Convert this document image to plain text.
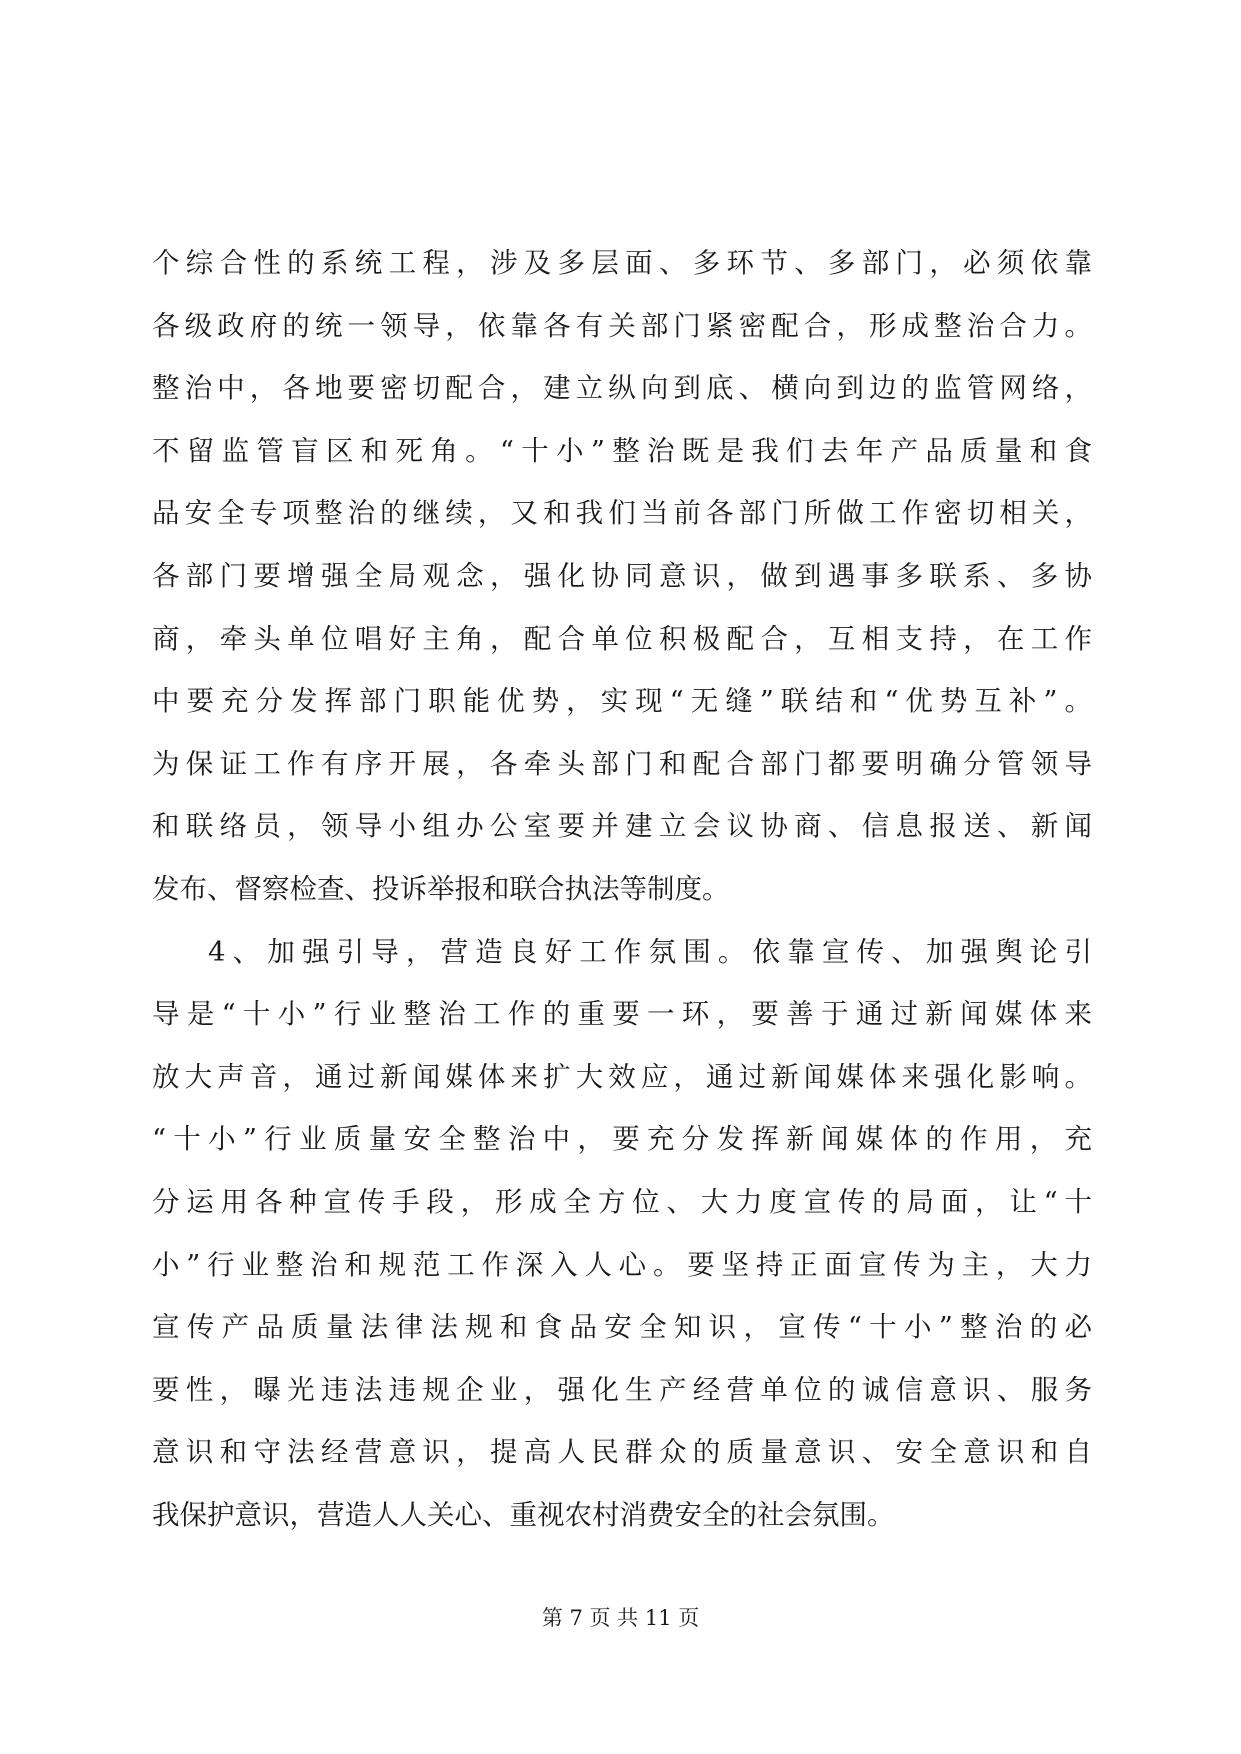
个综合性的系统工程，涉及多层面、多环节、多部门，必须依靠
各级政府的统一领导，依靠各有关部门紧密配合，形成整治合力。
整治中，各地要密切配合，建立纵向到底、横向到边的监管网络，
不留监管盲区和死角。“十小”整治既是我们去年产品质量和食
品安全专项整治的继续，又和我们当前各部门所做工作密切相关，
各部门要增强全局观念，强化协同意识，做到遇事多联系、多协
商，牵头单位唱好主角，配合单位积极配合，互相支持，在工作
中要充分发挥部门职能优势，实现“无缝”联结和“优势互补”。
为保证工作有序开展，各牵头部门和配合部门都要明确分管领导
和联络员，领导小组办公室要并建立会议协商、信息报送、新闻
发布、督察检查、投诉举报和联合执法等制度。
4、加强引导，营造良好工作氛围。依靠宣传、加强舆论引
导是“十小”行业整治工作的重要一环，要善于通过新闻媒体来
放大声音，通过新闻媒体来扩大效应，通过新闻媒体来强化影响。
“十小”行业质量安全整治中，要充分发挥新闻媒体的作用，充
分运用各种宣传手段，形成全方位、大力度宣传的局面，让“十
小”行业整治和规范工作深入人心。要坚持正面宣传为主，大力
宣传产品质量法律法规和食品安全知识，宣传“十小”整治的必
要性，曝光违法违规企业，强化生产经营单位的诚信意识、服务
意识和守法经营意识，提高人民群众的质量意识、安全意识和自
我保护意识，营造人人关心、重视农村消费安全的社会氛围。
第 7 页 共 11 页
